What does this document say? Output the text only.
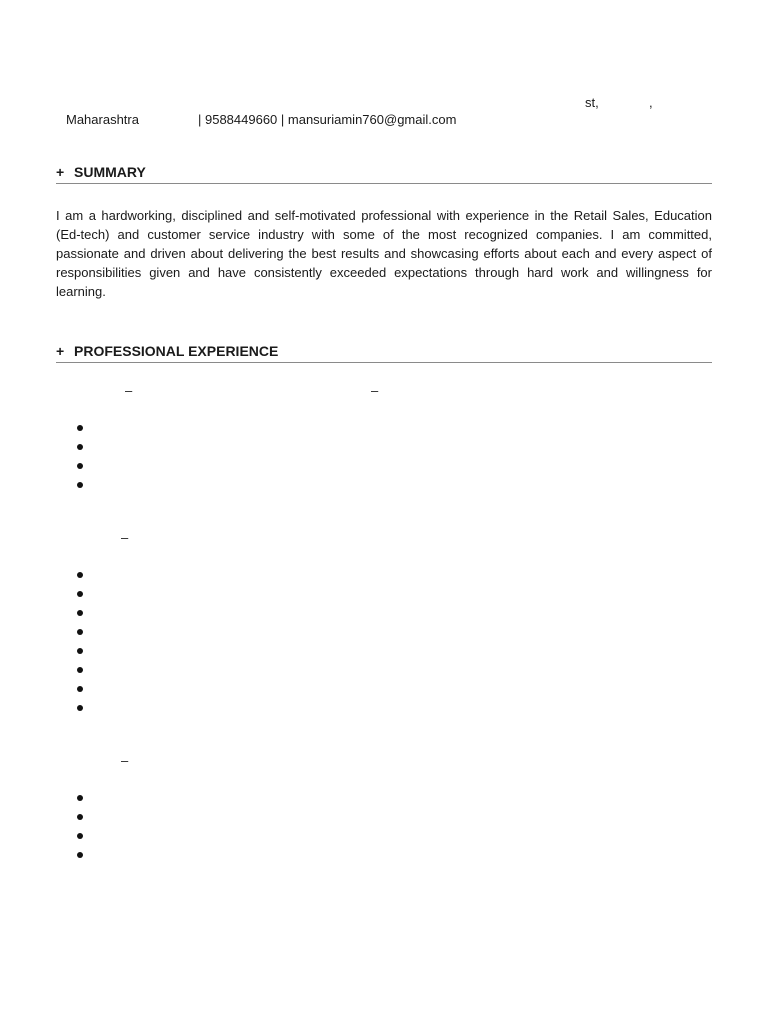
st,	,
Maharashtra	| 9588449660 | mansuriamin760@gmail.com
+ SUMMARY
I am a hardworking, disciplined and self-motivated professional with experience in the Retail Sales, Education (Ed-tech) and customer service industry with some of the most recognized companies. I am committed, passionate and driven about delivering the best results and showcasing efforts about each and every aspect of responsibilities given and have consistently exceeded expectations through hard work and willingness for learning.
+ PROFESSIONAL EXPERIENCE
–	–
–
–
